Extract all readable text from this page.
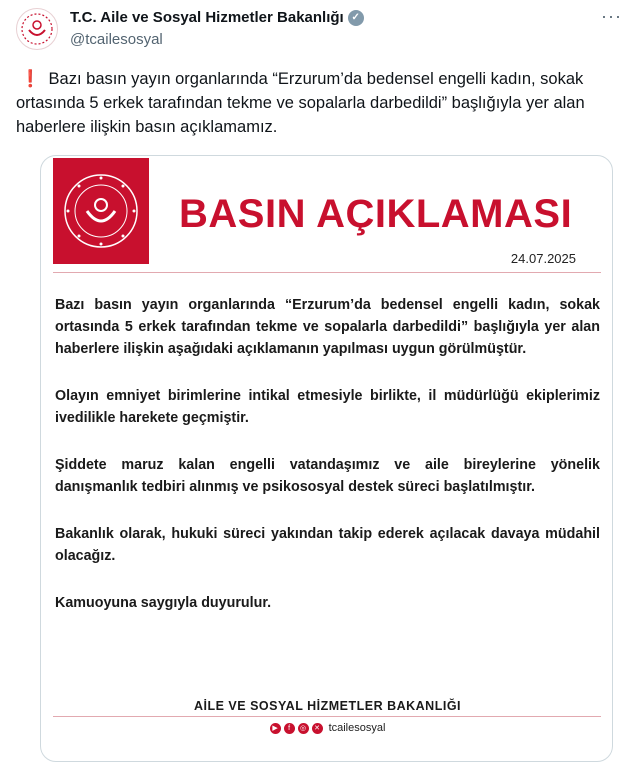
T.C. Aile ve Sosyal Hizmetler Bakanlığı ✓
@tcailesosyal
···
❗ Bazı basın yayın organlarında “Erzurum’da bedensel engelli kadın, sokak ortasında 5 erkek tarafından tekme ve sopalarla darbedildi” başlığıyla yer alan haberlere ilişkin basın açıklamamız.
BASIN AÇIKLAMASI
24.07.2025

Bazı basın yayın organlarında “Erzurum’da bedensel engelli kadın, sokak ortasında 5 erkek tarafından tekme ve sopalarla darbedildi” başlığıyla yer alan haberlere ilişkin aşağıdaki açıklamanın yapılması uygun görülmüştür.

Olayın emniyet birimlerine intikal etmesiyle birlikte, il müdürlüğü ekiplerimiz ivedilikle harekete geçmiştir.

Şiddete maruz kalan engelli vatandaşımız ve aile bireylerine yönelik danışmanlık tedbiri alınmış ve psikososyal destek süreci başlatılmıştır.

Bakanlık olarak, hukuki süreci yakından takip ederek açılacak davaya müdahil olacağız.

Kamuoyuna saygıyla duyurulur.

AİLE VE SOSYAL HİZMETLER BAKANLIĞI
▶	f	◎	✕ tcailesosyal
